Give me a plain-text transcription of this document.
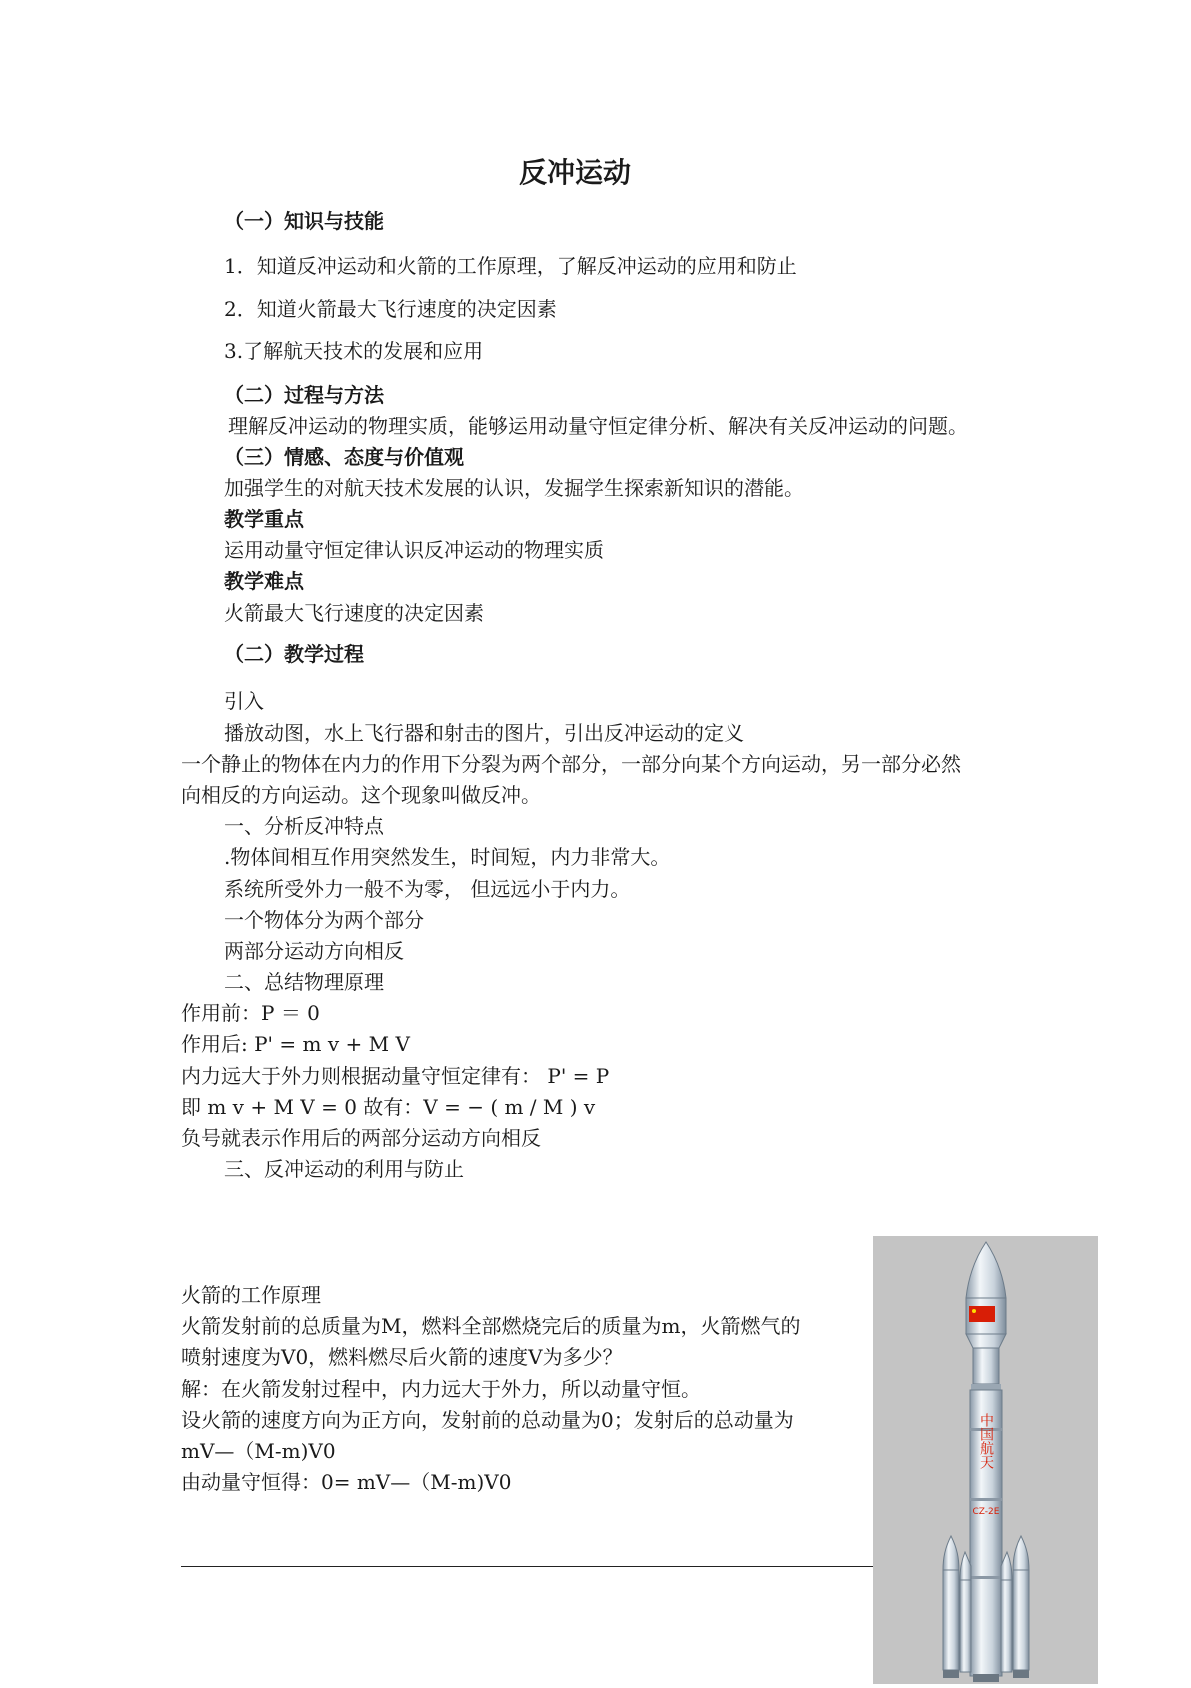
反冲运动
（一）知识与技能
1．知道反冲运动和火箭的工作原理，了解反冲运动的应用和防止
2．知道火箭最大飞行速度的决定因素
3.了解航天技术的发展和应用
（二）过程与方法
理解反冲运动的物理实质，能够运用动量守恒定律分析、解决有关反冲运动的问题。
（三）情感、态度与价值观
加强学生的对航天技术发展的认识，发掘学生探索新知识的潜能。
教学重点
运用动量守恒定律认识反冲运动的物理实质
教学难点
火箭最大飞行速度的决定因素
（二）教学过程
引入
播放动图，水上飞行器和射击的图片，引出反冲运动的定义
一个静止的物体在内力的作用下分裂为两个部分，一部分向某个方向运动，另一部分必然
向相反的方向运动。这个现象叫做反冲。
一、分析反冲特点
.物体间相互作用突然发生，时间短，内力非常大。
系统所受外力一般不为零， 但远远小于内力。
一个物体分为两个部分
两部分运动方向相反
二、总结物理原理
作用前：P ＝ 0
作用后: P' = m v + M V
内力远大于外力则根据动量守恒定律有： P' = P
即 m v + M V = 0 故有：V = − ( m / M ) v
负号就表示作用后的两部分运动方向相反
三、反冲运动的利用与防止
火箭的工作原理
火箭发射前的总质量为M，燃料全部燃烧完后的质量为m，火箭燃气的
喷射速度为V0，燃料燃尽后火箭的速度V为多少？
解：在火箭发射过程中，内力远大于外力，所以动量守恒。
设火箭的速度方向为正方向，发射前的总动量为0；发射后的总动量为
mV—（M-m)V0
由动量守恒得：0= mV—（M-m)V0
中国航天
CZ-2E
